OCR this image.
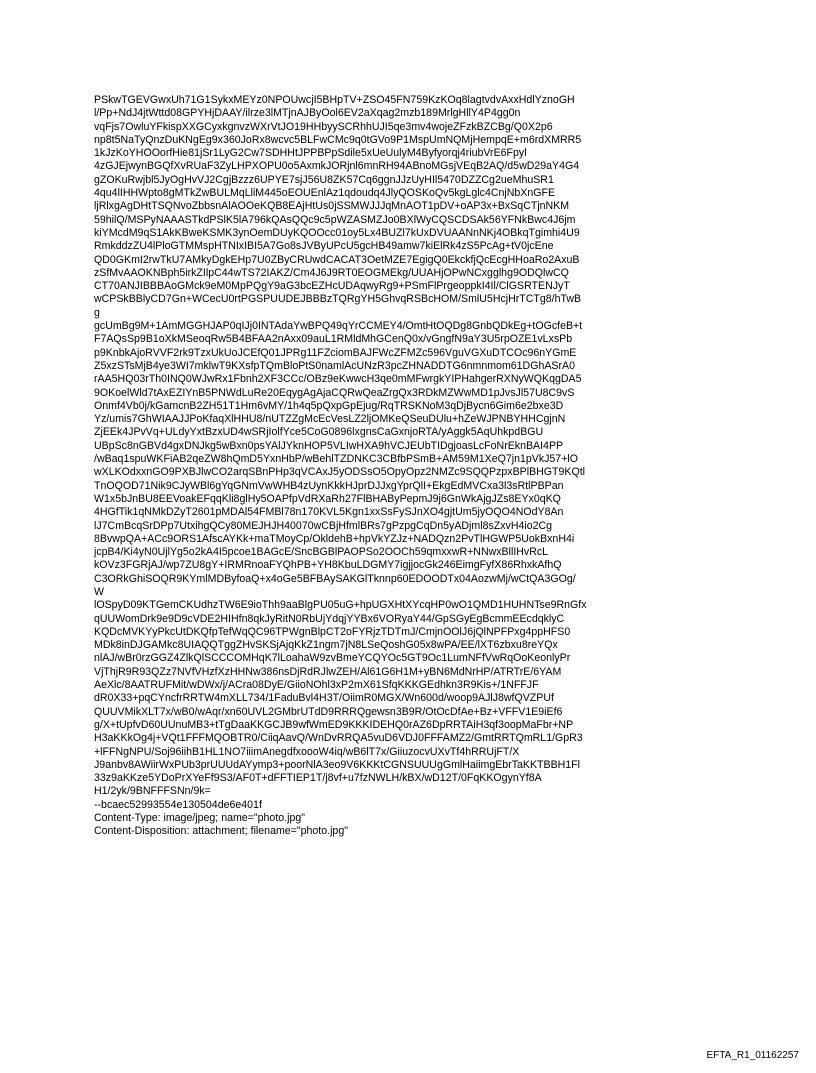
PSkwTGEVGwxUh71G1SykxMEYz0NPOUwcjI5BHpTV+ZSO45FN759KzKOq8lagtvdvAxxHdlYznoGH
l/Pp+NdJ4jtWttd08GPYHjDAAY/ilrze3lMTjnAJByOol6EV2aXqag2mzb189MrlgHllY4P4gg0n
vqFjs7OwluYFkispXXGCyxkgnvzWXrVtJO19HHbyySCRhhUJI5qe3mv4wojeZFzkBZCBg/Q0X2p6
np8t5NaTyQnzDuKNgEg9x360JoRx8wcvc5BLFwCMc9q0tGVo9P1MspUmNQMjHempqE+m6rdXMRR5
1kJzKoYHOOorfHie81jSr1LyG2Cw7SDHHtJPPBPpSdile5xUeUulyM4Byfyorqj4riubVrE6Fpyl
4zGJEjwynBGQfXvRUaF3ZyLHPXOPU0o5AxmkJORjnl6mnRH94ABnoMGsjVEqB2AQ/d5wD29aY4G4
gZOKuRwjbl5JyOgHvVJ2CgjBzzz6UPYE7sjJ56U8ZK57Cq6ggnJJzUyHIl5470DZZCg2ueMhuSR1
4qu4lIHHWpto8gMTkZwBULMqLliM445oEOUEnlAz1qdoudq4JlyQOSKoQv5kgLglc4CnjNbXnGFE
ljRlxgAgDHtTSQNvoZbbsnAlAOOeKQB8EAjHtUs0jSSMWJJJqMnAOT1pDV+oAP3x+BxSqCTjnNKM
59hilQ/MSPyNAAASTkdPSlK5lA796kQAsQQc9c5pWZASMZJo0BXlWyCQSCDSAk56YFNkBwc4J6jm
kiYMcdM9qS1AkKBweKSMK3ynOemDUyKQOOcc01oy5Lx4BUZl7kUxDVUAANnNKj4OBkqTgimhi4U9
RmkddzZU4lPloGTMMspHTNIxIBI5A7Go8sJVByUPcU5gcHB49amw7kiElRk4zS5PcAg+tV0jcEne
QD0GKmI2rwTkU7AMkyDgkEHp7U0ZByCRUwdCACAT3OetMZE7EgigQ0EkckfjQcEcgHHoaRo2AxuB
zSfMvAAOKNBph5irkZIlpC44wTS72IAKZ/Cm4J6J9RT0EOGMEkg/UUAHjOPwNCxgglhg9ODQlwCQ
CT70ANJIBBBAoGMck9eM0MpPQgY9aG3bcEZHcUDAqwyRg9+PSmFlPrgeoppkI4Il/ClGSRTENJyT
wCPSkBBlyCD7Gn+WCecU0rtPGSPUUDEJBBBzTQRgYH5GhvqRSBcHOM/SmlU5HcjHrTCTg8/hTwB
g
gcUmBg9M+1AmMGGHJAP0qIJj0INTAdaYwBPQ49qYrCCMEY4/OmtHtOQDg8GnbQDkEg+tOGcfeB+t
F7AQsSp9B1oXkMSeoqRw5B4BFAA2nAxx09auL1RMldMhGCenQ0x/vGngfN9aY3U5rpOZE1vLxsPb
p9KnbkAjoRVVF2rk9TzxUkUoJCEfQ01JPRg11FZciomBAJFWcZFMZc596VguVGXuDTCOc96nYGmE
Z5xzSTsMjB4ye3WI7mklwT9KXsfpTQmBloPtS0namlAcUNzR3pcZHNADDTG6nmnmom61DGhASrA0
rAA5HQ03rTh0INQ0WJwRx1Fbnh2XF3CCc/OBz9eKwwcH3qe0mMFwrgkYIPHahgerRXNyWQKqgDA5
9OKoelWld7tAxEZIYnB5PNWdLuRe20EqygAgAjaCQRwQeaZrgQx3RDkMZWwMD1pJvsJl57U8C9vS
Onmf4Vb0j/kGamcnB2ZH51T1Hm6vMY/1h4q5pQxpGpEjug/RqTRSKNoM3qDjBycn6Gim6e2bxe3D
Yz/umis7GhWIAAJJPoKfaqXlHHU8/nUTZZgMcEcVesLZ2ljOMKeQSeuDUlu+hZeWJPNBYHHCgjnN
ZjEEk4JPvVq+ULdyYxtBzxUD4wSRjIolfYce5CoG0896lxgnsCaGxnjoRTA/yAggk5AqUhkpdBGU
UBpSc8nGBVd4gxDNJkg5wBxn0psYAlJYknHOP5VLIwHXA9hVCJEUbTIDgjoasLcFoNrEknBAI4PP
/wBaq1spuWKFiAB2qeZW8hQmD5YxnHbP/wBehlTZDNKC3CBfbPSmB+AM59M1XeQ7jn1pVkJ57+lO
wXLKOdxxnGO9PXBJlwCO2arqSBnPHp3qVCAxJ5yODSsO5OpyOpz2NMZc9SQQPzpxBPlBHGT9KQtl
TnOQOD71Nik9CJyWBl6gYqGNmVwWHB4zUynKkkHJprDJJxgYprQlI+EkgEdMVCxa3l3sRtlPBPan
W1x5bJnBU8EEVoakEFqqKli8glHy5OAPfpVdRXaRh27FlBHAByPepmJ9j6GnWkAjgJZs8EYx0qKQ
4HGfTik1qNMkDZyT2601pMDAl54FMBl78n170KVL5Kgn1xxSsFySJnXO4gjtUm5jyOQO4NOdY8An
lJ7CmBcqSrDPp7UtxihgQCy80MEJHJH40070wCBjHfmlBRs7gPzpgCqDn5yADjml8sZxvH4io2Cg
8BvwpQA+ACc9ORS1AfscAYKk+maTMoyCp/OkldehB+hpVkYZJz+NADQzn2PvTlHGWP5UokBxnH4i
jcpB4/Ki4yN0UjlYg5o2kA4I5pcoe1BAGcE/SncBGBlPAOPSo2OOCh59qmxxwR+NNwxBllIHvRcL
kOVz3FGRjAJ/wp7ZU8gY+IRMRnoaFYQhPB+YH8KbuLDGMY7igjjocGk246EimgFyfX86RhxkAfhQ
C3ORkGhiSOQR9KYmlMDByfoaQ+x4oGe5BFBAySAKGlTknnp60EDOODTx04AozwMj/wCtQA3GOg/
W
lOSpyD09KTGemCKUdhzTW6E9ioThh9aaBlgPU05uG+hpUGXHtXYcqHP0wO1QMD1HUHNTse9RnGfx
qUUWomDrk9e9D9cVDE2HIHfn8qkJyRitN0RbUjYdqjYYBx6VORyaY44/GpSGyEgBcmmEEcdqklyC
KQDcMVKYyPkcUtDKQfpTefWqQC96TPWgnBlpCT2oFYRjzTDTmJ/CmjnOOlJ6jQlNPFPxg4ppHFS0
MDk8inDJGAMkc8UIAQQTggZHvSKSjAjqKkZ1ngm7jN8LSeQoshG05x8wPA/EE/lXT6zbxu8reYQx
nlAJ/wBr0rzGGZ4ZlkQlSCCCOMHqK7lLoahaW9zvBmeYCQYOc5GT9Oc1LumNFfVwRqOoKeonlyPr
VjThjR9R93QZz7NVfVHzfXzHHNw386nsDjRdRJlwZEH/Al61G6H1M+yBN6MdNrHP/ATRTrE/6YAM
AeXlc/8AATRUFMit/wDWx/j/ACra08DyE/GiioNOhl3xP2mX61SfqKKKGEdhkn3R9Kis+/1NFFJF
dR0X33+pqCYncfrRRTW4mXLL734/1FaduBvl4H3T/OiimR0MGX/Wn600d/woop9AJlJ8wfQVZPUf
QUUVMikXLT7x/wB0/wAqr/xn60UVL2GMbrUTdD9RRRQgewsn3B9R/OtOcDfAe+Bz+VFFV1E9iEf6
g/X+tUpfvD60UUnuMB3+tTgDaaKKGCJB9wfWmED9KKKIDEHQ0rAZ6DpRRTAiH3qf3oopMaFbr+NP
H3aKKkOg4j+VQt1FFFMQOBTR0/CiiqAavQ/WnDvRRQA5vuD6VDJ0FFFAMZ2/GmtRRTQmRL1/GpR3
+lFFNgNPU/Soj96iihB1HL1NO7iiimAnegdfxoooW4iq/wB6lT7x/GiiuzocvUXvTf4hRRUjFT/X
J9anbv8AWiirWxPUb3prUUUdAYymp3+poorNlA3eo9V6KKKtCGNSUUUgGmlHaiimgEbrTaKKTBBH1Fl
33z9aKKze5YDoPrXYeFf9S3/AF0T+dFFTIEP1T/j8vf+u7fzNWLH/kBX/wD12T/0FqKKOgynYf8A
H1/2yk/9BNFFFSNn/9k=
--bcaec52993554e130504de6e401f
Content-Type: image/jpeg; name="photo.jpg"
Content-Disposition: attachment; filename="photo.jpg"
EFTA_R1_01162257
